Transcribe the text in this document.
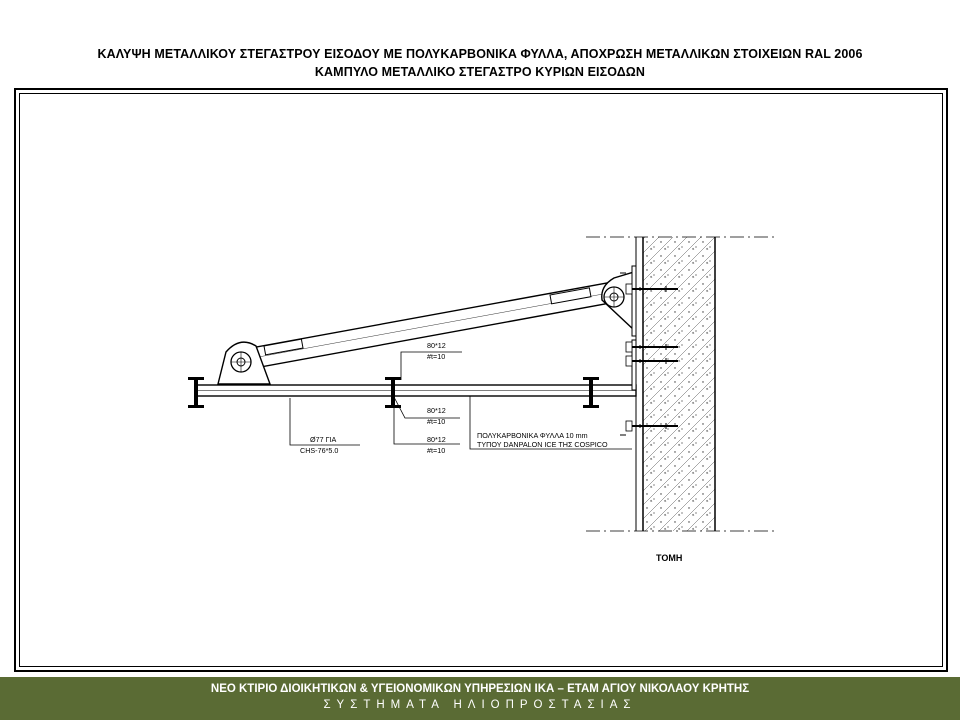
ΚΑΛΥΨΗ ΜΕΤΑΛΛΙΚΟΥ ΣΤΕΓΑΣΤΡΟΥ ΕΙΣΟΔΟΥ ΜΕ ΠΟΛΥΚΑΡΒΟΝΙΚΑ ΦΥΛΛΑ, ΑΠΟΧΡΩΣΗ ΜΕΤΑΛΛΙΚΩΝ ΣΤΟΙΧΕΙΩΝ RAL 2006
ΚΑΜΠΥΛΟ ΜΕΤΑΛΛΙΚΟ ΣΤΕΓΑΣΤΡΟ ΚΥΡΙΩΝ ΕΙΣΟΔΩΝ
80*12
#t=10
80*12
#t=10
80*12
#t=10
Ø77 ΓΙΑ
CHS-76*5.0
ΠΟΛΥΚΑΡΒΟΝΙΚΑ ΦΥΛΛΑ 10 mm
ΤΥΠΟΥ DANPALON ICE ΤΗΣ COSPICO
ΤΟΜΗ
ΝΕΟ ΚΤΙΡΙΟ ΔΙΟΙΚΗΤΙΚΩΝ & ΥΓΕΙΟΝΟΜΙΚΩΝ ΥΠΗΡΕΣΙΩΝ ΙΚΑ – ΕΤΑΜ ΑΓΙΟΥ ΝΙΚΟΛΑΟΥ ΚΡΗΤΗΣ
ΣΥΣΤΗΜΑΤΑ ΗΛΙΟΠΡΟΣΤΑΣΙΑΣ
